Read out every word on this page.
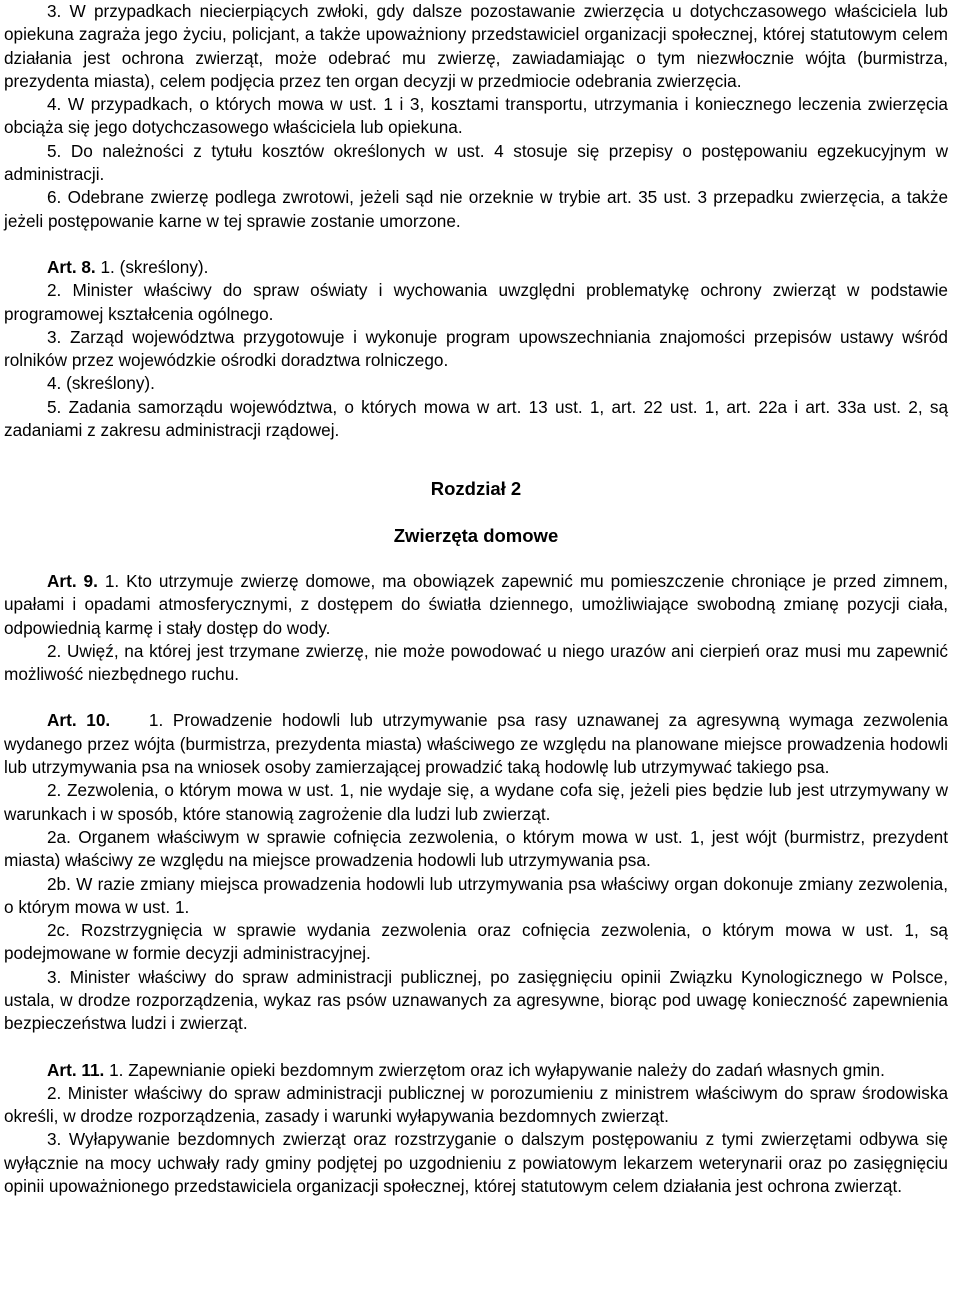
3. W przypadkach niecierpiących zwłoki, gdy dalsze pozostawanie zwierzęcia u dotychczasowego właściciela lub opiekuna zagraża jego życiu, policjant, a także upoważniony przedstawiciel organizacji społecznej, której statutowym celem działania jest ochrona zwierząt, może odebrać mu zwierzę, zawiadamiając o tym niezwłocznie wójta (burmistrza, prezydenta miasta), celem podjęcia przez ten organ decyzji w przedmiocie odebrania zwierzęcia.

4. W przypadkach, o których mowa w ust. 1 i 3, kosztami transportu, utrzymania i koniecznego leczenia zwierzęcia obciąża się jego dotychczasowego właściciela lub opiekuna.

5. Do należności z tytułu kosztów określonych w ust. 4 stosuje się przepisy o postępowaniu egzekucyjnym w administracji.

6. Odebrane zwierzę podlega zwrotowi, jeżeli sąd nie orzeknie w trybie art. 35 ust. 3 przepadku zwierzęcia, a także jeżeli postępowanie karne w tej sprawie zostanie umorzone.

Art. 8. 1. (skreślony).

2. Minister właściwy do spraw oświaty i wychowania uwzględni problematykę ochrony zwierząt w podstawie programowej kształcenia ogólnego.

3. Zarząd województwa przygotowuje i wykonuje program upowszechniania znajomości przepisów ustawy wśród rolników przez wojewódzkie ośrodki doradztwa rolniczego.

4. (skreślony).

5. Zadania samorządu województwa, o których mowa w art. 13 ust. 1, art. 22 ust. 1, art. 22a i art. 33a ust. 2, są zadaniami z zakresu administracji rządowej.

Rozdział 2

Zwierzęta domowe

Art. 9. 1. Kto utrzymuje zwierzę domowe, ma obowiązek zapewnić mu pomieszczenie chroniące je przed zimnem, upałami i opadami atmosferycznymi, z dostępem do światła dziennego, umożliwiające swobodną zmianę pozycji ciała, odpowiednią karmę i stały dostęp do wody.

2. Uwięź, na której jest trzymane zwierzę, nie może powodować u niego urazów ani cierpień oraz musi mu zapewnić możliwość niezbędnego ruchu.

Art. 10. 1. Prowadzenie hodowli lub utrzymywanie psa rasy uznawanej za agresywną wymaga zezwolenia wydanego przez wójta (burmistrza, prezydenta miasta) właściwego ze względu na planowane miejsce prowadzenia hodowli lub utrzymywania psa na wniosek osoby zamierzającej prowadzić taką hodowlę lub utrzymywać takiego psa.

2. Zezwolenia, o którym mowa w ust. 1, nie wydaje się, a wydane cofa się, jeżeli pies będzie lub jest utrzymywany w warunkach i w sposób, które stanowią zagrożenie dla ludzi lub zwierząt.

2a. Organem właściwym w sprawie cofnięcia zezwolenia, o którym mowa w ust. 1, jest wójt (burmistrz, prezydent miasta) właściwy ze względu na miejsce prowadzenia hodowli lub utrzymywania psa.

2b. W razie zmiany miejsca prowadzenia hodowli lub utrzymywania psa właściwy organ dokonuje zmiany zezwolenia, o którym mowa w ust. 1.

2c. Rozstrzygnięcia w sprawie wydania zezwolenia oraz cofnięcia zezwolenia, o którym mowa w ust. 1, są podejmowane w formie decyzji administracyjnej.

3. Minister właściwy do spraw administracji publicznej, po zasięgnięciu opinii Związku Kynologicznego w Polsce, ustala, w drodze rozporządzenia, wykaz ras psów uznawanych za agresywne, biorąc pod uwagę konieczność zapewnienia bezpieczeństwa ludzi i zwierząt.

Art. 11. 1. Zapewnianie opieki bezdomnym zwierzętom oraz ich wyłapywanie należy do zadań własnych gmin.

2. Minister właściwy do spraw administracji publicznej w porozumieniu z ministrem właściwym do spraw środowiska określi, w drodze rozporządzenia, zasady i warunki wyłapywania bezdomnych zwierząt.

3. Wyłapywanie bezdomnych zwierząt oraz rozstrzyganie o dalszym postępowaniu z tymi zwierzętami odbywa się wyłącznie na mocy uchwały rady gminy podjętej po uzgodnieniu z powiatowym lekarzem weterynarii oraz po zasięgnięciu opinii upoważnionego przedstawiciela organizacji społecznej, której statutowym celem działania jest ochrona zwierząt.
